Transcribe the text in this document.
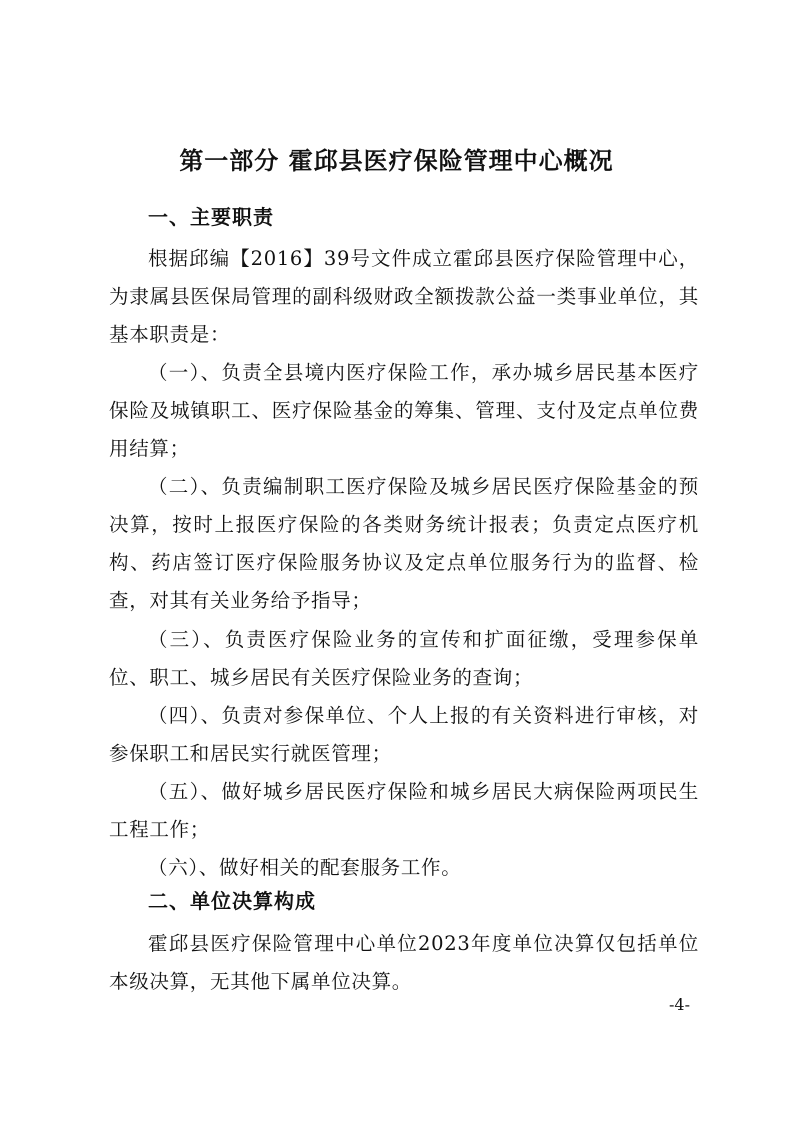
第一部分 霍邱县医疗保险管理中心概况
一、主要职责
根据邱编【2016】39号文件成立霍邱县医疗保险管理中心，为隶属县医保局管理的副科级财政全额拨款公益一类事业单位，其基本职责是：
（一）、负责全县境内医疗保险工作，承办城乡居民基本医疗保险及城镇职工、医疗保险基金的筹集、管理、支付及定点单位费用结算；
（二）、负责编制职工医疗保险及城乡居民医疗保险基金的预决算，按时上报医疗保险的各类财务统计报表；负责定点医疗机构、药店签订医疗保险服务协议及定点单位服务行为的监督、检查，对其有关业务给予指导；
（三）、负责医疗保险业务的宣传和扩面征缴，受理参保单位、职工、城乡居民有关医疗保险业务的查询；
（四）、负责对参保单位、个人上报的有关资料进行审核，对参保职工和居民实行就医管理；
（五）、做好城乡居民医疗保险和城乡居民大病保险两项民生工程工作；
（六）、做好相关的配套服务工作。
二、单位决算构成
霍邱县医疗保险管理中心单位2023年度单位决算仅包括单位本级决算，无其他下属单位决算。
-4-
